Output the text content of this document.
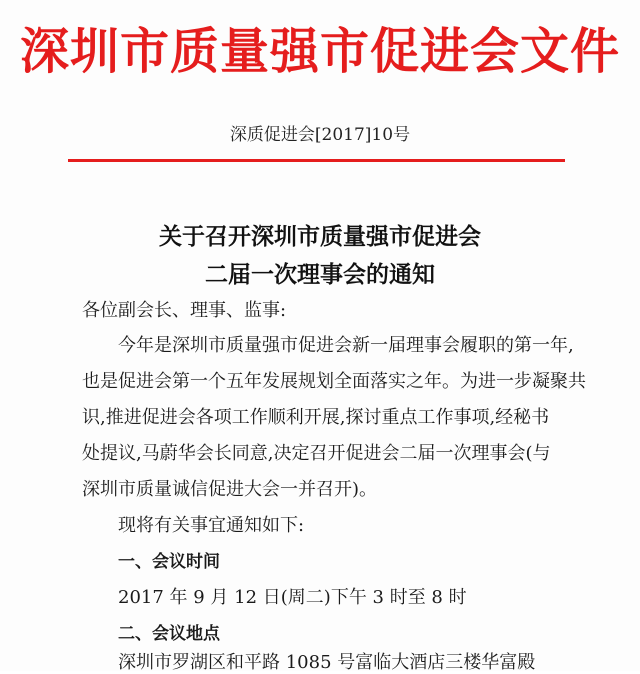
深圳市质量强市促进会文件
深质促进会[2017]10号
关于召开深圳市质量强市促进会
二届一次理事会的通知
各位副会长、理事、监事:
今年是深圳市质量强市促进会新一届理事会履职的第一年,
也是促进会第一个五年发展规划全面落实之年。为进一步凝聚共
识,推进促进会各项工作顺利开展,探讨重点工作事项,经秘书
处提议,马蔚华会长同意,决定召开促进会二届一次理事会(与
深圳市质量诚信促进大会一并召开)。
现将有关事宜通知如下:
一、会议时间
2017 年 9 月 12 日(周二)下午 3 时至 8 时
二、会议地点
深圳市罗湖区和平路 1085 号富临大酒店三楼华富殿
